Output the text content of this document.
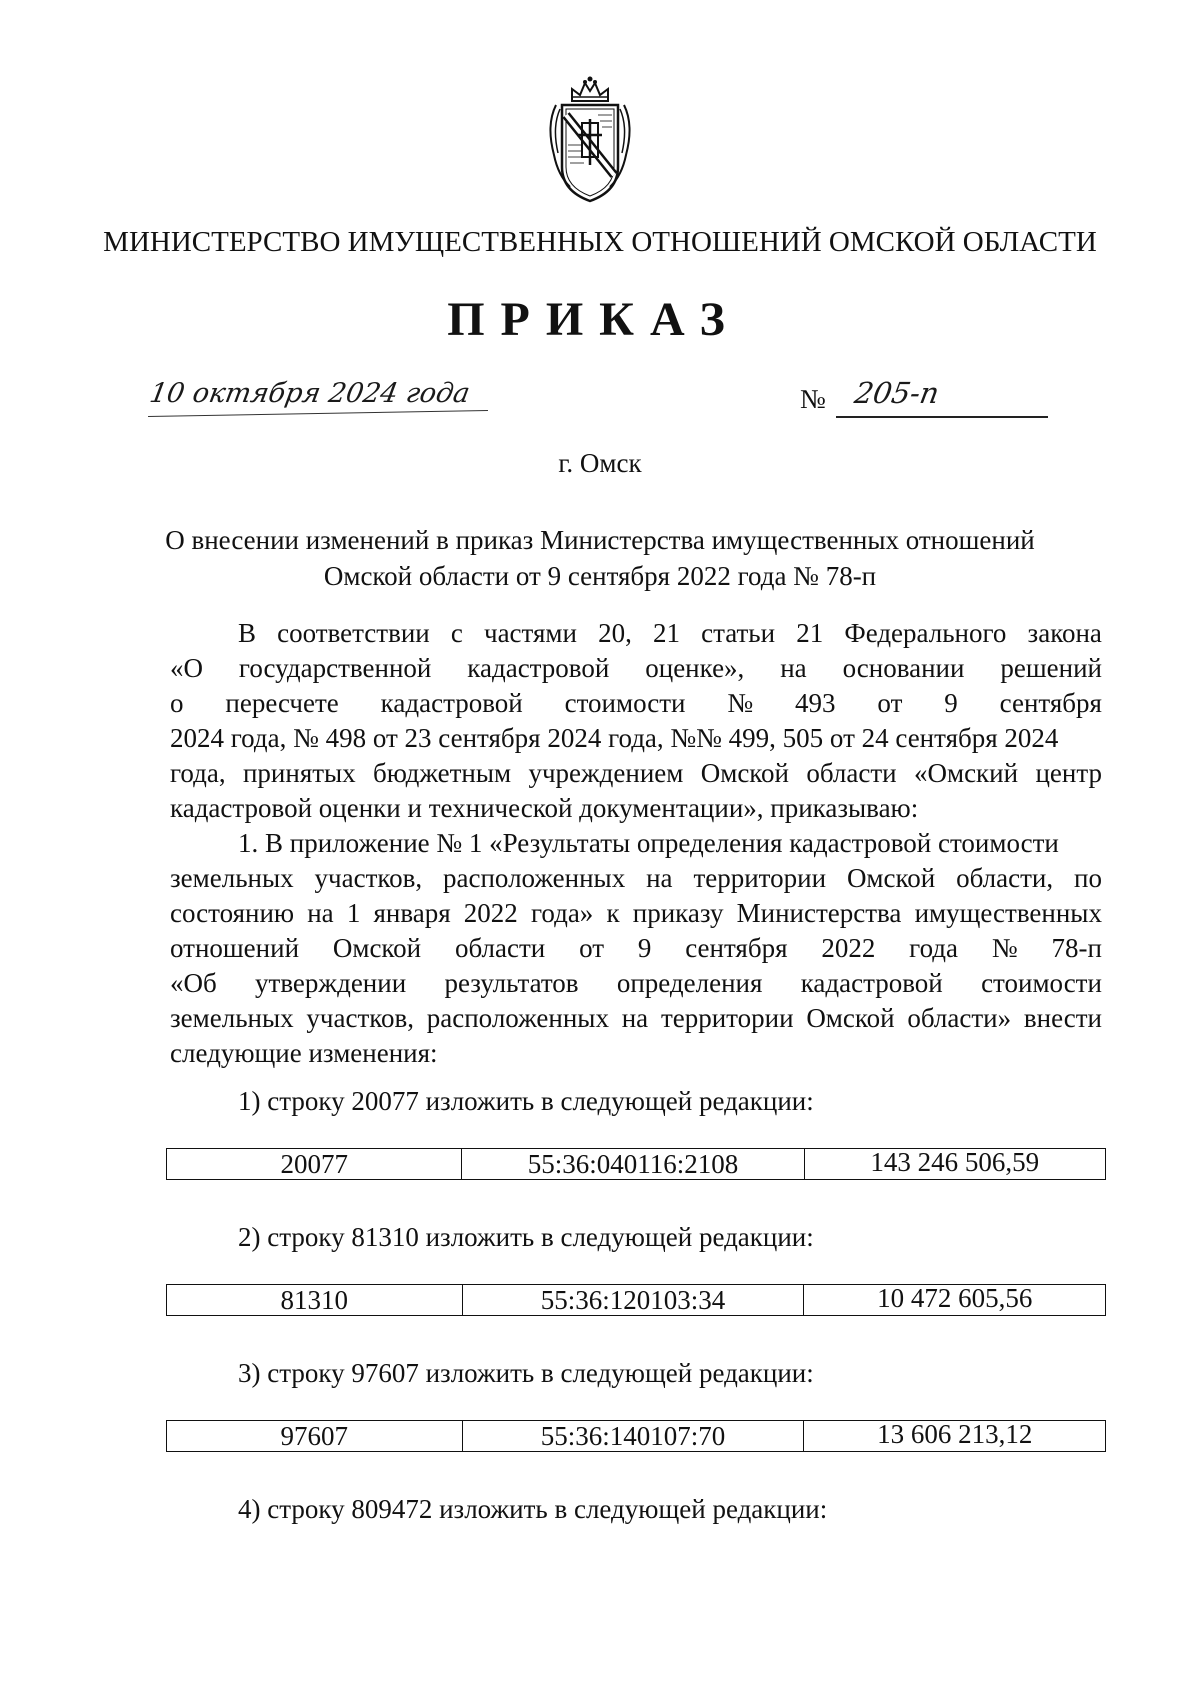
МИНИСТЕРСТВО ИМУЩЕСТВЕННЫХ ОТНОШЕНИЙ ОМСКОЙ ОБЛАСТИ
ПРИКАЗ
10 октября 2024 года	№ 205-п
г. Омск
О внесении изменений в приказ Министерства имущественных отношений
Омской области от 9 сентября 2022 года № 78-п
В соответствии с частями 20, 21 статьи 21 Федерального закона
«О государственной кадастровой оценке», на основании решений
о пересчете кадастровой стоимости № 493 от 9 сентября
2024 года, № 498 от 23 сентября 2024 года, №№ 499, 505 от 24 сентября 2024
года, принятых бюджетным учреждением Омской области «Омский центр
кадастровой оценки и технической документации», приказываю:
1. В приложение № 1 «Результаты определения кадастровой стоимости
земельных участков, расположенных на территории Омской области, по
состоянию на 1 января 2022 года» к приказу Министерства имущественных
отношений Омской области от 9 сентября 2022 года № 78-п
«Об утверждении результатов определения кадастровой стоимости
земельных участков, расположенных на территории Омской области» внести
следующие изменения:
1) строку 20077 изложить в следующей редакции:
20077	55:36:040116:2108	143 246 506,59
2) строку 81310 изложить в следующей редакции:
81310	55:36:120103:34	10 472 605,56
3) строку 97607 изложить в следующей редакции:
97607	55:36:140107:70	13 606 213,12
4) строку 809472 изложить в следующей редакции:
